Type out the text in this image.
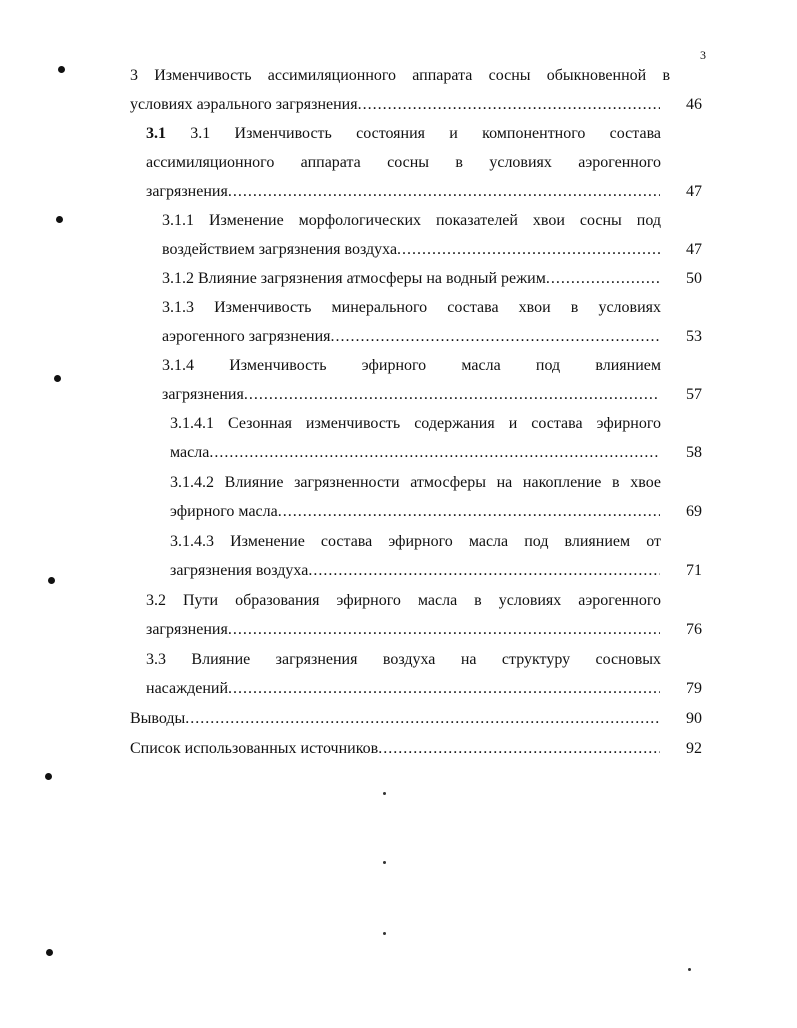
3
3 Изменчивость ассимиляционного аппарата сосны обыкновенной в
условиях аэрального загрязнения .....	46
3.1 3.1 Изменчивость состояния и компонентного состава
ассимиляционного аппарата сосны в условиях аэрогенного
загрязнения .....	47
3.1.1 Изменение морфологических показателей хвои сосны под
воздействием загрязнения воздуха .....	47
3.1.2 Влияние загрязнения атмосферы на водный режим .....	50
3.1.3 Изменчивость минерального состава хвои в условиях
аэрогенного загрязнения .....	53
3.1.4 Изменчивость эфирного масла под влиянием
загрязнения .....	57
3.1.4.1 Сезонная изменчивость содержания и состава эфирного
масла .....	58
3.1.4.2 Влияние загрязненности атмосферы на накопление в хвое
эфирного масла .....	69
3.1.4.3 Изменение состава эфирного масла под влиянием от
загрязнения воздуха .....	71
3.2 Пути образования эфирного масла в условиях аэрогенного
загрязнения .....	76
3.3 Влияние загрязнения воздуха на структуру сосновых
насаждений .....	79
Выводы .....	90
Список использованных источников .....	92
